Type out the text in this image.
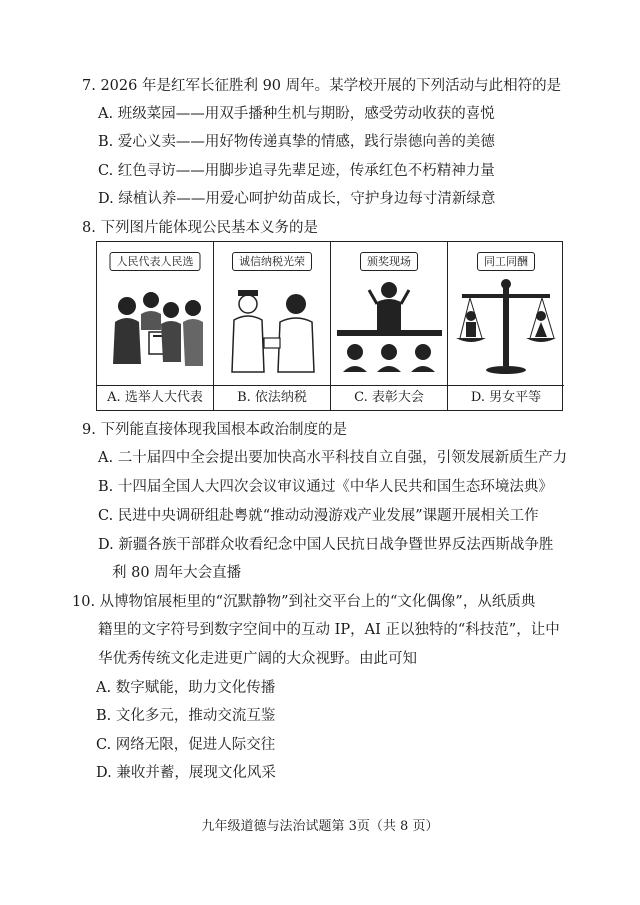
7. 2026 年是红军长征胜利 90 周年。某学校开展的下列活动与此相符的是
A. 班级菜园——用双手播种生机与期盼，感受劳动收获的喜悦
B. 爱心义卖——用好物传递真挚的情感，践行崇德向善的美德
C. 红色寻访——用脚步追寻先辈足迹，传承红色不朽精神力量
D. 绿植认养——用爱心呵护幼苗成长，守护身边每寸清新绿意
8. 下列图片能体现公民基本义务的是
人民代表人民选
A. 选举人大代表
诚信纳税光荣
B. 依法纳税
颁奖现场
C. 表彰大会
同工同酬
D. 男女平等
9. 下列能直接体现我国根本政治制度的是
A. 二十届四中全会提出要加快高水平科技自立自强，引领发展新质生产力
B. 十四届全国人大四次会议审议通过《中华人民共和国生态环境法典》
C. 民进中央调研组赴粤就“推动动漫游戏产业发展”课题开展相关工作
D. 新疆各族干部群众收看纪念中国人民抗日战争暨世界反法西斯战争胜
利 80 周年大会直播
10. 从博物馆展柜里的“沉默静物”到社交平台上的“文化偶像”，从纸质典
籍里的文字符号到数字空间中的互动 IP，AI 正以独特的“科技范”，让中
华优秀传统文化走进更广阔的大众视野。由此可知
A. 数字赋能，助力文化传播
B. 文化多元，推动交流互鉴
C. 网络无限，促进人际交往
D. 兼收并蓄，展现文化风采
九年级道德与法治试题第 3页（共 8 页）
